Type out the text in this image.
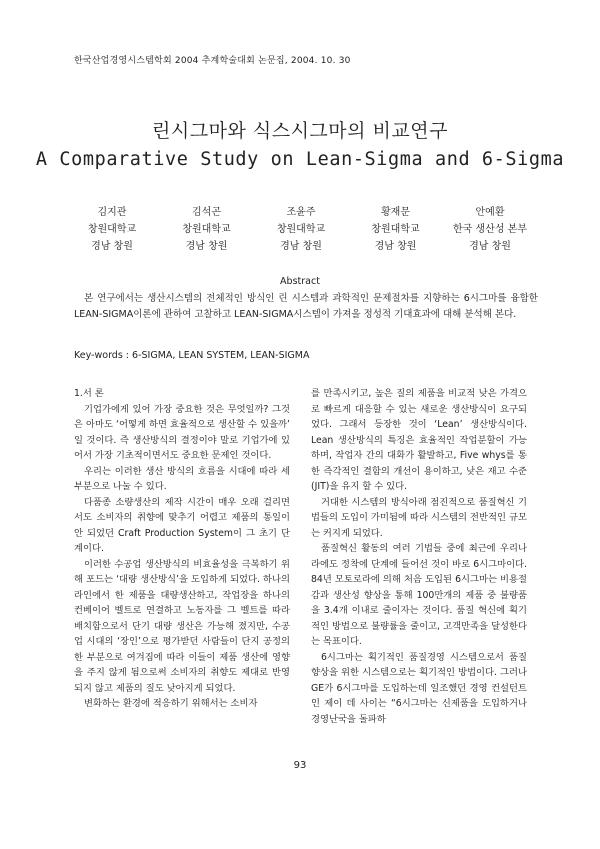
한국산업경영시스템학회 2004 추계학술대회 논문집, 2004. 10. 30
린시그마와 식스시그마의 비교연구
A Comparative Study on Lean-Sigma and 6-Sigma
김지관
창원대학교
경남 창원
김석곤
창원대학교
경남 창원
조윤주
창원대학교
경남 창원
황재문
창원대학교
경남 창원
안예환
한국 생산성 본부
경남 창원
Abstract
본 연구에서는 생산시스템의 전체적인 방식인 린 시스템과 과학적인 문제절차를 지향하는 6시그마를 융합한 LEAN-SIGMA이론에 관하여 고찰하고 LEAN-SIGMA시스템이 가져올 정성적 기대효과에 대해 분석해 본다.
Key-words : 6-SIGMA, LEAN SYSTEM, LEAN-SIGMA

1.서 론

기업가에게 있어 가장 중요한 것은 무엇일까? 그것은 아마도 ‘어떻게 하면 효율적으로 생산할 수 있을까’ 일 것이다. 즉 생산방식의 결정이야 말로 기업가에 있어서 가장 기초적이면서도 중요한 문제인 것이다.

우리는 이러한 생산 방식의 흐름을 시대에 따라 세부분으로 나눌 수 있다.

다품종 소량생산의 제작 시간이 매우 오래 걸리면서도 소비자의 취향에 맞추기 어렵고 제품의 통일이 안 되었던 Craft Production System이 그 초기 단계이다.

이러한 수공업 생산방식의 비효율성을 극복하기 위해 포드는 ‘대량 생산방식’을 도입하게 되었다. 하나의 라인에서 한 제품을 대량생산하고, 작업장을 하나의 컨베이어 벨트로 연결하고 노동자를 그 벨트를 따라 배치함으로서 단기 대량 생산은 가능해 졌지만, 수공업 시대의 ‘장인’으로 평가받던 사람들이 단지 공정의 한 부분으로 여겨짐에 따라 이들이 제품 생산에 영향을 주지 않게 됨으로써 소비자의 취향도 제대로 반영되지 않고 제품의 질도 낮아지게 되었다.

변화하는 환경에 적응하기 위해서는 소비자

를 만족시키고, 높은 질의 제품을 비교적 낮은 가격으로 빠르게 대응할 수 있는 새로운 생산방식이 요구되었다. 그래서 등장한 것이 ‘Lean’ 생산방식이다. Lean 생산방식의 특징은 효율적인 작업분할이 가능하며, 작업자 간의 대화가 활발하고, Five whys를 통한 즉각적인 결함의 개선이 용이하고, 낮은 재고 수준(JIT)을 유지 할 수 있다.

거대한 시스템의 방식아래 점진적으로 품질혁신 기법들의 도입이 가미됨에 따라 시스템의 전반적인 규모는 커지게 되었다.

품질혁신 활동의 여러 기법들 중에 최근에 우리나라에도 정착에 단계에 들어선 것이 바로 6시그마이다. 84년 모토로라에 의해 처음 도입된 6시그마는 비용절감과 생산성 향상을 통해 100만개의 제품 중 불량품을 3.4개 이내로 줄이자는 것이다. 품질 혁신에 획기적인 방법으로 불량률을 줄이고, 고객만족을 달성한다는 목표이다.

6시그마는 획기적인 품질경영 시스템으로서 품질 향상을 위한 시스템으로는 획기적인 방법이다. 그러나 GE가 6시그마를 도입하는데 일조했던 경영 컨설턴트인 제이 데 사이는 “6시그마는 신제품을 도입하거나 경영난국을 돌파하

93
